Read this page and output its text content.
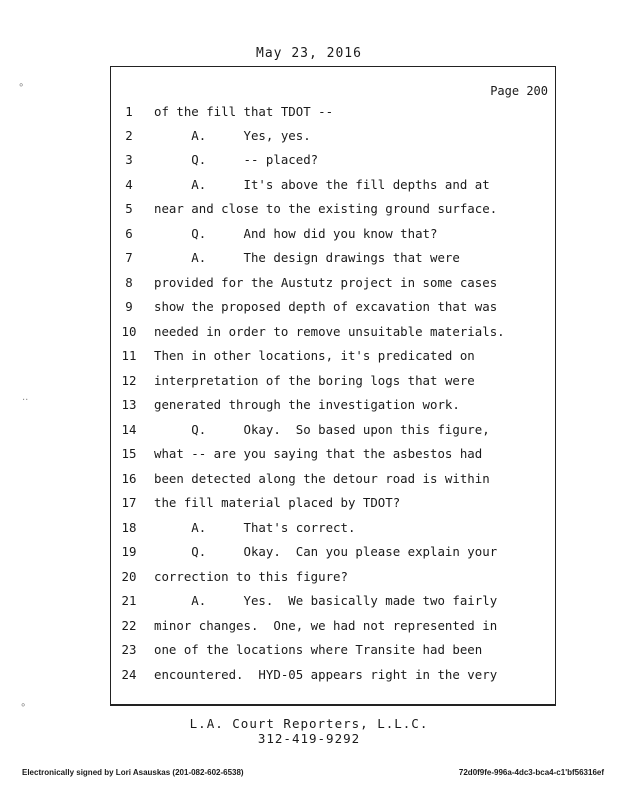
May 23, 2016
Page 200
1	of the fill that TDOT --
2	A.     Yes, yes.
3	Q.     -- placed?
4	A.     It's above the fill depths and at
5	near and close to the existing ground surface.
6	Q.     And how did you know that?
7	A.     The design drawings that were
8	provided for the Austutz project in some cases
9	show the proposed depth of excavation that was
10 needed in order to remove unsuitable materials.
11 Then in other locations, it's predicated on
12 interpretation of the boring logs that were
13 generated through the investigation work.
14 Q.     Okay.  So based upon this figure,
15 what -- are you saying that the asbestos had
16 been detected along the detour road is within
17 the fill material placed by TDOT?
18 A.     That's correct.
19 Q.     Okay.  Can you please explain your
20 correction to this figure?
21 A.     Yes.  We basically made two fairly
22 minor changes.  One, we had not represented in
23 one of the locations where Transite had been
24 encountered.  HYD-05 appears right in the very
L.A. Court Reporters, L.L.C.
312-419-9292
Electronically signed by Lori Asauskas (201-082-602-6538)	72d0f9fe-996a-4dc3-bca4-c1'bf56316ef
∘
··
∘
